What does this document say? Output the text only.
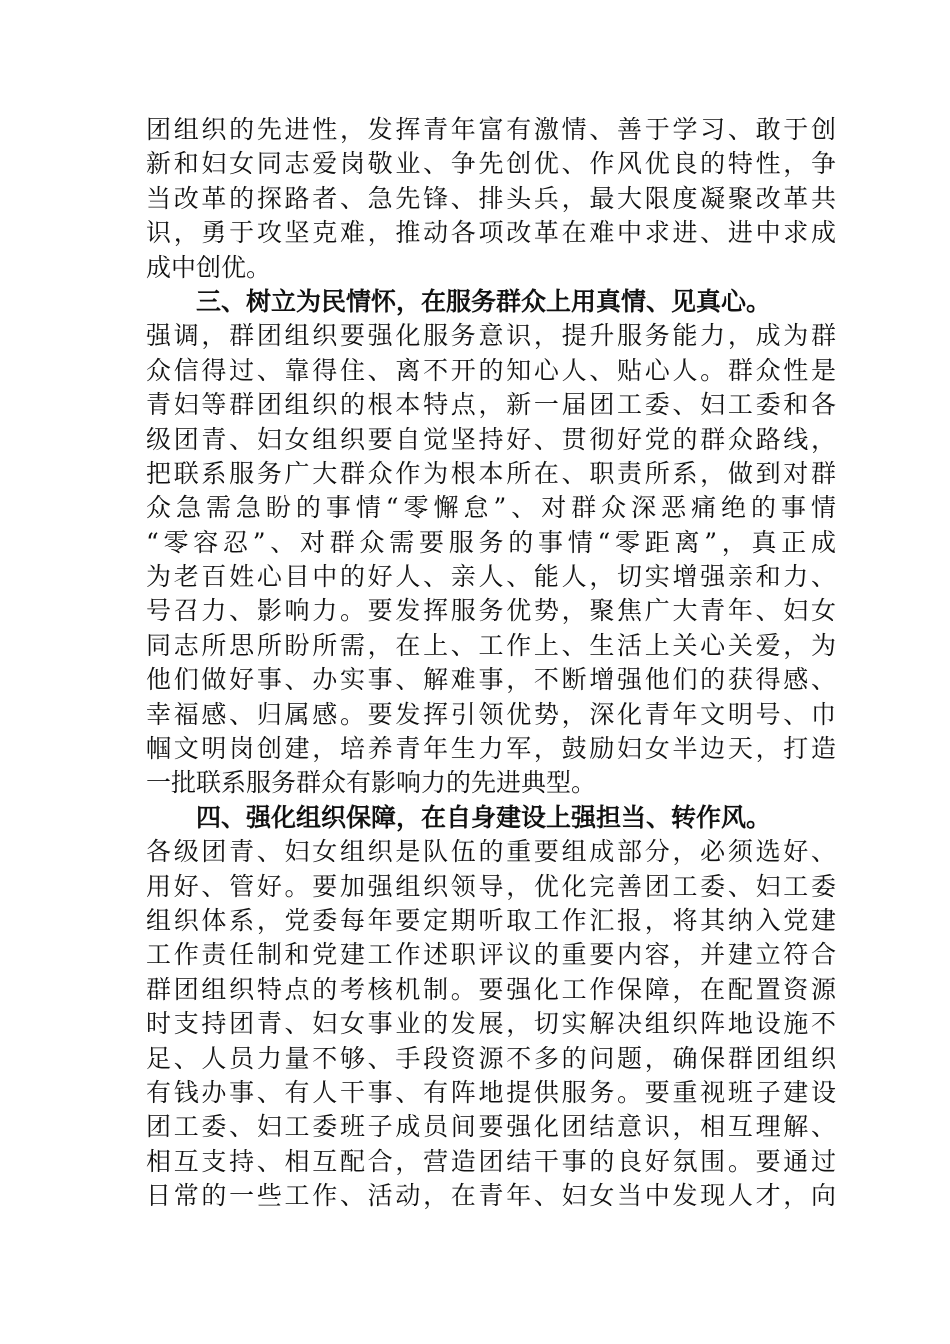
团组织的先进性，发挥青年富有激情、善于学习、敢于创
新和妇女同志爱岗敬业、争先创优、作风优良的特性，争
当改革的探路者、急先锋、排头兵，最大限度凝聚改革共
识，勇于攻坚克难，推动各项改革在难中求进、进中求成
成中创优。
三、树立为民情怀，在服务群众上用真情、见真心。
强调，群团组织要强化服务意识，提升服务能力，成为群
众信得过、靠得住、离不开的知心人、贴心人。群众性是
青妇等群团组织的根本特点，新一届团工委、妇工委和各
级团青、妇女组织要自觉坚持好、贯彻好党的群众路线，
把联系服务广大群众作为根本所在、职责所系，做到对群
众急需急盼的事情“零懈怠”、对群众深恶痛绝的事情
“零容忍”、对群众需要服务的事情“零距离”，真正成
为老百姓心目中的好人、亲人、能人，切实增强亲和力、
号召力、影响力。要发挥服务优势，聚焦广大青年、妇女
同志所思所盼所需，在上、工作上、生活上关心关爱，为
他们做好事、办实事、解难事，不断增强他们的获得感、
幸福感、归属感。要发挥引领优势，深化青年文明号、巾
帼文明岗创建，培养青年生力军，鼓励妇女半边天，打造
一批联系服务群众有影响力的先进典型。
四、强化组织保障，在自身建设上强担当、转作风。
各级团青、妇女组织是队伍的重要组成部分，必须选好、
用好、管好。要加强组织领导，优化完善团工委、妇工委
组织体系，党委每年要定期听取工作汇报，将其纳入党建
工作责任制和党建工作述职评议的重要内容，并建立符合
群团组织特点的考核机制。要强化工作保障，在配置资源
时支持团青、妇女事业的发展，切实解决组织阵地设施不
足、人员力量不够、手段资源不多的问题，确保群团组织
有钱办事、有人干事、有阵地提供服务。要重视班子建设
团工委、妇工委班子成员间要强化团结意识，相互理解、
相互支持、相互配合，营造团结干事的良好氛围。要通过
日常的一些工作、活动，在青年、妇女当中发现人才，向
